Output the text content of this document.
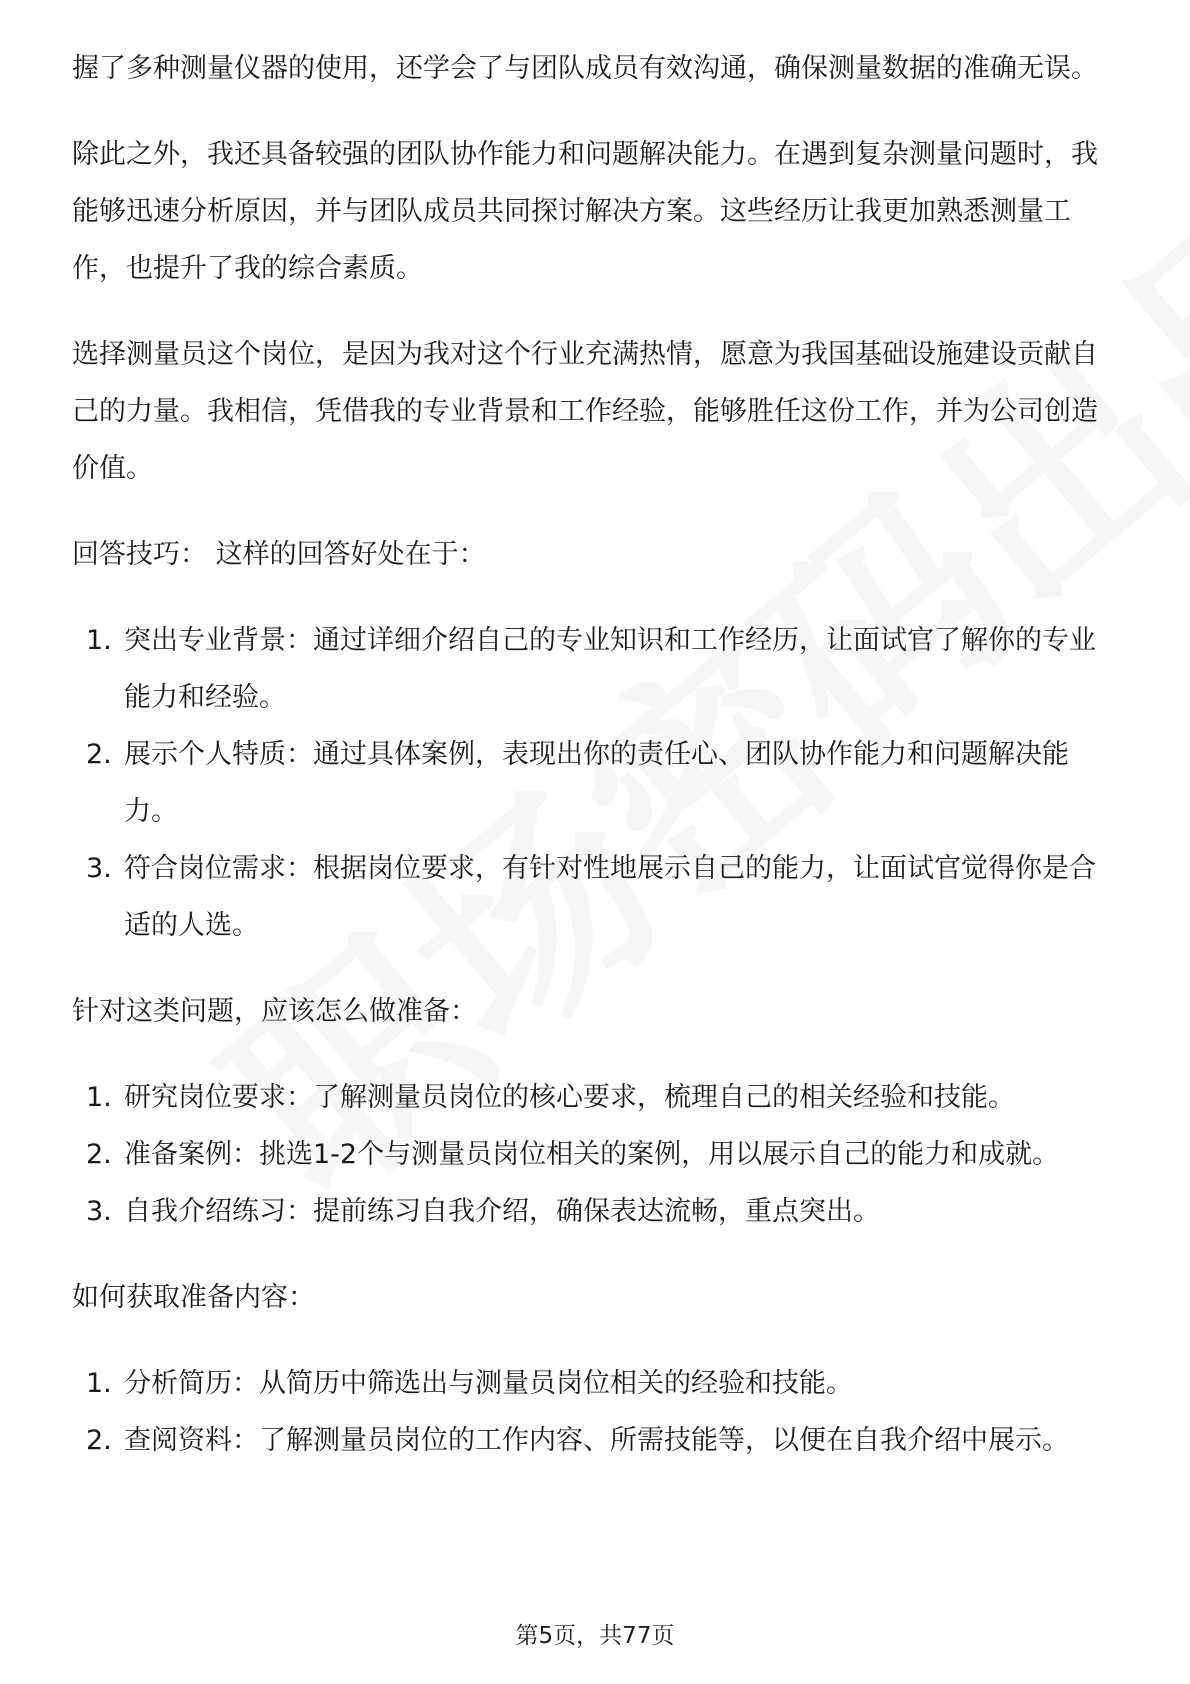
握了多种测量仪器的使用，还学会了与团队成员有效沟通，确保测量数据的准确无误。

除此之外，我还具备较强的团队协作能力和问题解决能力。在遇到复杂测量问题时，我能够迅速分析原因，并与团队成员共同探讨解决方案。这些经历让我更加熟悉测量工作，也提升了我的综合素质。

选择测量员这个岗位，是因为我对这个行业充满热情，愿意为我国基础设施建设贡献自己的力量。我相信，凭借我的专业背景和工作经验，能够胜任这份工作，并为公司创造价值。

回答技巧： 这样的回答好处在于：

1. 突出专业背景：通过详细介绍自己的专业知识和工作经历，让面试官了解你的专业能力和经验。
2. 展示个人特质：通过具体案例，表现出你的责任心、团队协作能力和问题解决能力。
3. 符合岗位需求：根据岗位要求，有针对性地展示自己的能力，让面试官觉得你是合适的人选。

针对这类问题，应该怎么做准备：

1. 研究岗位要求：了解测量员岗位的核心要求，梳理自己的相关经验和技能。
2. 准备案例：挑选1-2个与测量员岗位相关的案例，用以展示自己的能力和成就。
3. 自我介绍练习：提前练习自我介绍，确保表达流畅，重点突出。

如何获取准备内容：

1. 分析简历：从简历中筛选出与测量员岗位相关的经验和技能。
2. 查阅资料：了解测量员岗位的工作内容、所需技能等，以便在自我介绍中展示。
第5页，共77页
